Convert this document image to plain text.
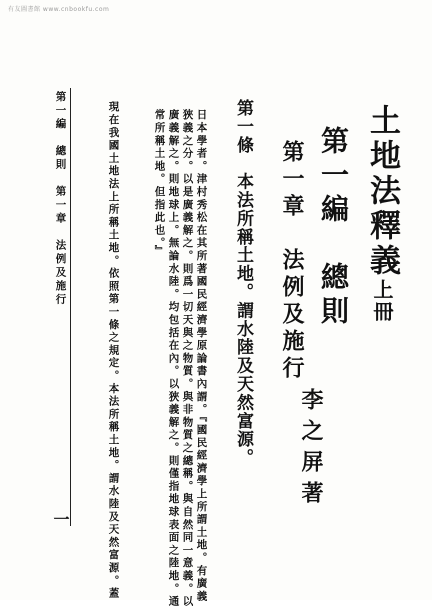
有友圖書館 www.cnbookfu.com
土地法釋義上冊
第一編　總則
第一章　法例及施行
李之屏著
第一條　本法所稱土地。謂水陸及天然富源。
日本學者。津村秀松在其所著國民經濟學原論書內謂。『國民經濟學上所謂土地。有廣義
狹義之分。以是廣義解之。則爲一切天與之物質。與非物質之總稱。與自然同一意義。以
廣義解之。則地球上。無論水陸。均包括在內。以狹義解之。則僅指地球表面之陸地。通
常所稱土地。但指此也。』
現在我國土地法上所稱土地。依照第一條之規定。本法所稱土地。謂水陸及天然富源。蓋
第一編　總則　第一章　法例及施行
一
